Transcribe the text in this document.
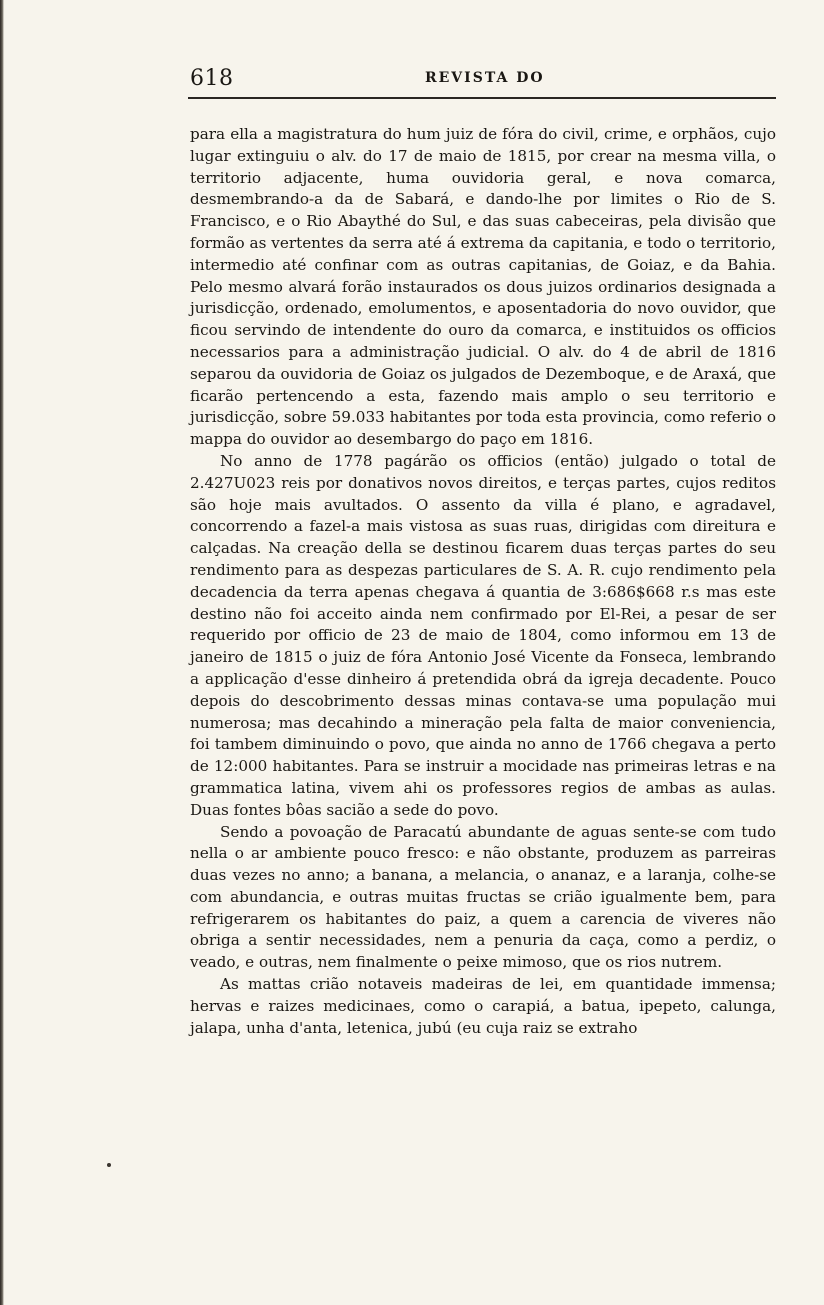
618	REVISTA DO

para ella a magistratura do hum juiz de fóra do civil, crime, e orphãos, cujo lugar extinguiu o alv. do 17 de maio de 1815, por crear na mesma villa, o territorio adjacente, huma ouvidoria geral, e nova comarca, desmembrando-a da de Sabará, e dando-lhe por limites o Rio de S. Francisco, e o Rio Abaythé do Sul, e das suas cabeceiras, pela divisão que formão as vertentes da serra até á extrema da capitania, e todo o territorio, intermedio até confinar com as outras capitanias, de Goiaz, e da Bahia. Pelo mesmo alvará forão instaurados os dous juizos ordinarios designada a jurisdicção, ordenado, emolumentos, e aposentadoria do novo ouvidor, que ficou servindo de intendente do ouro da comarca, e instituidos os officios necessarios para a administração judicial. O alv. do 4 de abril de 1816 separou da ouvidoria de Goiaz os julgados de Dezemboque, e de Araxá, que ficarão pertencendo a esta, fazendo mais amplo o seu territorio e jurisdicção, sobre 59.033 habitantes por toda esta provincia, como referio o mappa do ouvidor ao desembargo do paço em 1816.

No anno de 1778 pagárão os officios (então) julgado o total de 2.427U023 reis por donativos novos direitos, e terças partes, cujos reditos são hoje mais avultados. O assento da villa é plano, e agradavel, concorrendo a fazel-a mais vistosa as suas ruas, dirigidas com direitura e calçadas. Na creação della se destinou ficarem duas terças partes do seu rendimento para as despezas particulares de S. A. R. cujo rendimento pela decadencia da terra apenas chegava á quantia de 3:686$668 r.s mas este destino não foi acceito ainda nem confirmado por El-Rei, a pesar de ser requerido por officio de 23 de maio de 1804, como informou em 13 de janeiro de 1815 o juiz de fóra Antonio José Vicente da Fonseca, lembrando a applicação d'esse dinheiro á pretendida obrá da igreja decadente. Pouco depois do descobrimento dessas minas contava-se uma população mui numerosa; mas decahindo a mineração pela falta de maior conveniencia, foi tambem diminuindo o povo, que ainda no anno de 1766 chegava a perto de 12:000 habitantes. Para se instruir a mocidade nas primeiras letras e na grammatica latina, vivem ahi os professores regios de ambas as aulas. Duas fontes bôas sacião a sede do povo.

Sendo a povoação de Paracatú abundante de aguas sente-se com tudo nella o ar ambiente pouco fresco: e não obstante, produzem as parreiras duas vezes no anno; a banana, a melancia, o ananaz, e a laranja, colhe-se com abundancia, e outras muitas fructas se crião igualmente bem, para refrigerarem os habitantes do paiz, a quem a carencia de viveres não obriga a sentir necessidades, nem a penuria da caça, como a perdiz, o veado, e outras, nem finalmente o peixe mimoso, que os rios nutrem.

As mattas crião notaveis madeiras de lei, em quantidade immensa; hervas e raizes medicinaes, como o carapiá, a batua, ipepeto, calunga, jalapa, unha d'anta, letenica, jubú (eu cuja raiz se extraho
